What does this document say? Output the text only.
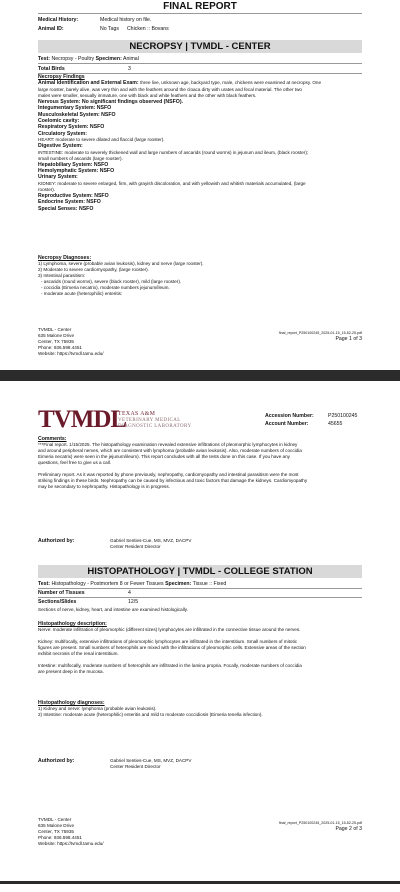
FINAL REPORT
Medical History:	Medical history on file.
Animal ID:	No Tags Chicken :: Bovans
NECROPSY | TVMDL - CENTER
Test: Necropsy - Poultry Specimen: Animal
Total Birds	3
Necropsy Findings
Animal Identification and External Exam: three live, unknown age, backyard type, male, chickens were examined at necropsy. One
large rooster, barely alive, was very thin and with the feathers around the cloaca dirty with urates and fecal material. The other two
males were smaller, sexually immature, one with black and white feathers and the other with black feathers.
Nervous System: No significant findings observed (NSFO).
Integumentary System: NSFO
Musculoskeletal System: NSFO
Coelomic cavity:
Respiratory System: NSFO
Circulatory System:
HEART: moderate to severe dilated and flaccid (large rooster).
Digestive System:
INTESTINE: moderate to severely thickened wall and large numbers of ascarids (round worms) in jejunum and ileum, (black rooster);
small numbers of ascarids (large rooster).
Hepatobiliary System: NSFO
Hemolymphatic System: NSFO
Urinary System:
KIDNEY: moderate to severe enlarged, firm, with grayish discoloration, and with yellowish and whitish materials accumulated, (large
rooster).
Reproductive System: NSFO
Endocrine System: NSFO
Special Senses: NSFO
Necropsy Diagnoses:
1) Lymphoma, severe (probable avian leukosis), kidney and nerve (large rooster).
2) Moderate to severe cardiomyopathy, (large rooster).
3) Intestinal parasitism:
- ascarids (round worms), severe (black rooster), mild (large rooster).
- coccidia (Eimeria necatrix), moderate numbers jejunum/ileum.
- moderate acute (heterophilic) enteritis:
TVMDL - Center
635 Malone Drive
Center, TX 75935
Phone: 936.598.4451
Website: https://tvmdl.tamu.edu/
final_report_P250100245_2025-01-15_15-52-25.pdf
Page 1 of 3
TVMDL
TEXAS A&M
VETERINARY MEDICAL
DIAGNOSTIC LABORATORY
Accession Number:	P250100245
Account Number:	45655
Comments:
***Final report. 1/15/2025. The histopathology examination revealed extensive infiltrations of pleomorphic lymphocytes in kidney
and around peripheral nerves, which are consistent with lymphoma (probable avian leukosis). Also, moderate numbers of coccidia
Eimeria necatrix) were seen in the jejunum/ileum). This report concludes with all the tests done on this case. If you have any
questions, feel free to give us a call.
Preliminary report. As it was reported by phone previously, nephropathy, cardiomyopathy and intestinal parasitism were the most
striking findings in these birds. Nephropathy can be caused by infectious and toxic factors that damage the kidneys. Cardiomyopathy
may be secondary to nephropathy. Histopathology is in progress.
Authorized by:	Gabriel Senties-Cue, MS, MVZ, DACPV
Center Resident Director
HISTOPATHOLOGY | TVMDL - COLLEGE STATION
Test: Histopathology - Postmortem 8 or Fewer Tissues Specimen: Tissue :: Fixed
Number of Tissues	4
Sections/Slides	12/5
Sections of nerve, kidney, heart, and intestine are examined histologically.
Histopathology description:
Nerve: moderate infiltration of pleomorphic (different sizes) lymphocytes are infiltrated in the connective tissue around the nerves.
Kidney: multifocally, extensive infiltrations of pleomorphic lymphocytes are infiltrated in the interstitium. Small numbers of mitotic
figures are present. Small numbers of heterophils are mixed with the infiltrations of pleomorphic cells. Extensive areas of the section
exhibit necrosis of the renal interstitium.
Intestine: multifocally, moderate numbers of heterophils are infiltrated in the lamina propria. Focally, moderate numbers of coccidia
are present deep in the mucosa.
Histopathology diagnoses:
1) Kidney and nerve: lymphoma (probable avian leukosis).
2) Intestine: moderate acute (heterophilic) enteritis and mild to moderate coccidiosis (Eimeria tenella infection).
Authorized by:	Gabriel Senties-Cue, MS, MVZ, DACPV
Center Resident Director
TVMDL - Center
635 Malone Drive
Center, TX 75935
Phone: 936.598.4451
Website: https://tvmdl.tamu.edu/
final_report_P250100245_2025-01-15_15-52-25.pdf
Page 2 of 3
